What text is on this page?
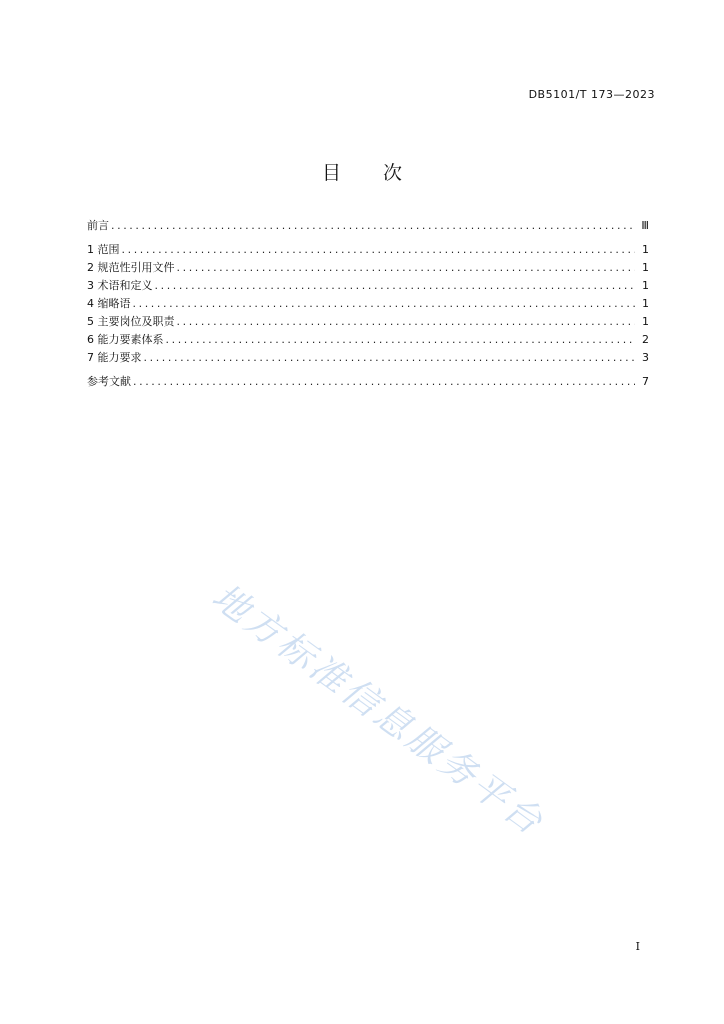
DB5101/T 173—2023
目 次
前言 .....	Ⅲ
1 范围 .....	1
2 规范性引用文件 .....	1
3 术语和定义 .....	1
4 缩略语 .....	1
5 主要岗位及职责 .....	1
6 能力要素体系 .....	2
7 能力要求 .....	3
参考文献 .....	7
地方标准信息服务平台
I
